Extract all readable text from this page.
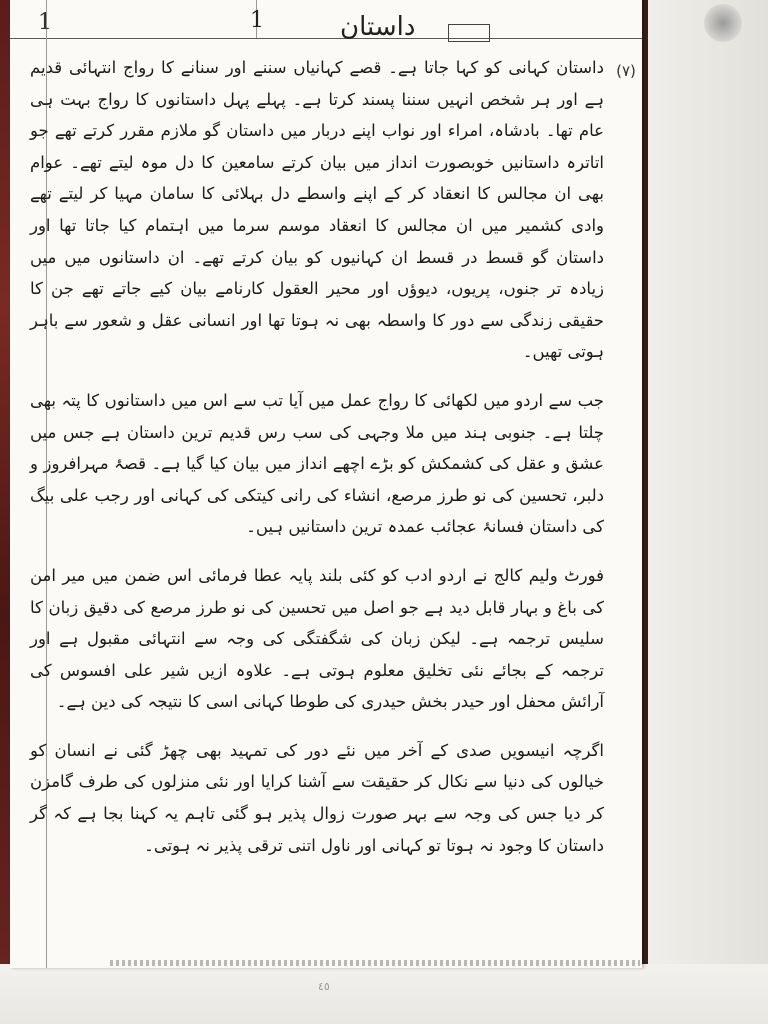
1	1	داستان
(٧)

داستان کہانی کو کہا جاتا ہے۔ قصے کہانیاں سننے اور سنانے کا رواج انتہائی قدیم ہے اور ہر شخص انہیں سننا پسند کرتا ہے۔ پہلے پہل داستانوں کا رواج بہت ہی عام تھا۔ بادشاہ، امراء اور نواب اپنے دربار میں داستان گو ملازم مقرر کرتے تھے جو اتاترہ داستانیں خوبصورت انداز میں بیان کرتے سامعین کا دل موہ لیتے تھے۔ عوام بھی ان مجالس کا انعقاد کر کے اپنے واسطے دل بہلائی کا سامان مہیا کر لیتے تھے وادی کشمیر میں ان مجالس کا انعقاد موسم سرما میں اہتمام کیا جاتا تھا اور داستان گو قسط در قسط ان کہانیوں کو بیان کرتے تھے۔ ان داستانوں میں میں زیادہ تر جنوں، پریوں، دیوؤں اور محیر العقول کارنامے بیان کیے جاتے تھے جن کا حقیقی زندگی سے دور کا واسطہ بھی نہ ہوتا تھا اور انسانی عقل و شعور سے باہر ہوتی تھیں۔

جب سے اردو میں لکھائی کا رواج عمل میں آیا تب سے اس میں داستانوں کا پتہ بھی چلتا ہے۔ جنوبی ہند میں ملا وجہی کی سب رس قدیم ترین داستان ہے جس میں عشق و عقل کی کشمکش کو بڑے اچھے انداز میں بیان کیا گیا ہے۔ قصۂ مہرافروز و دلبر، تحسین کی نو طرز مرصع، انشاء کی رانی کیتکی کی کہانی اور رجب علی بیگ کی داستان فسانۂ عجائب عمدہ ترین داستانیں ہیں۔

فورٹ ولیم کالج نے اردو ادب کو کئی بلند پایہ عطا فرمائی اس ضمن میں میر امن کی باغ و بہار قابل دید ہے جو اصل میں تحسین کی نو طرز مرصع کی دقیق زبان کا سلیس ترجمہ ہے۔ لیکن زبان کی شگفتگی کی وجہ سے انتہائی مقبول ہے اور ترجمہ کے بجائے نئی تخلیق معلوم ہوتی ہے۔ علاوہ ازیں شیر علی افسوس کی آرائش محفل اور حیدر بخش حیدری کی طوطا کہانی اسی کا نتیجہ کی دین ہے۔

اگرچہ انیسویں صدی کے آخر میں نئے دور کی تمہید بھی چھڑ گئی نے انسان کو خیالوں کی دنیا سے نکال کر حقیقت سے آشنا کرایا اور نئی منزلوں کی طرف گامزن کر دیا جس کی وجہ سے بہر صورت زوال پذیر ہو گئی تاہم یہ کہنا بجا ہے کہ گر داستان کا وجود نہ ہوتا تو کہانی اور ناول اتنی ترقی پذیر نہ ہوتی۔

٤٥
